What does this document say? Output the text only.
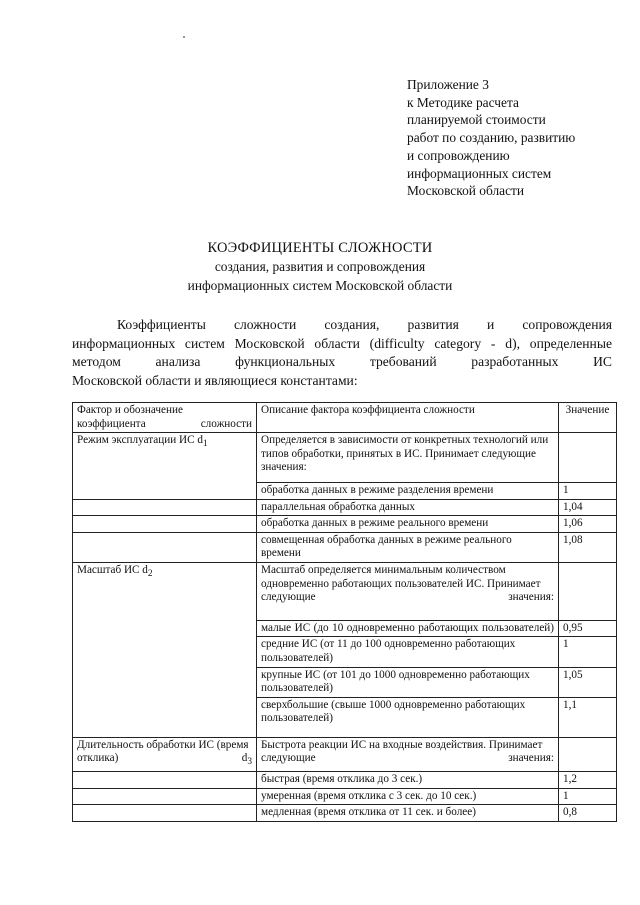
Приложение 3
к Методике расчета
планируемой стоимости
работ по созданию, развитию
и сопровождению
информационных систем
Московской области
КОЭФФИЦИЕНТЫ СЛОЖНОСТИ
создания, развития и сопровождения
информационных систем Московской области
Коэффициенты сложности создания, развития и сопровождения
информационных систем Московской области (difficulty category - d), определенные
методом анализа функциональных требований разработанных ИС
Московской области и являющиеся константами:
Фактор и обозначение коэффициента сложности	Описание фактора коэффициента сложности	Значение
Режим эксплуатации ИС $d_1$	Определяется в зависимости от конкретных технологий или типов обработки, принятых в ИС. Принимает следующие значения:

	обработка данных в режиме разделения времени	1
	параллельная обработка данных	1,04
	обработка данных в режиме реального времени	1,06
	совмещенная обработка данных в режиме реального времени	1,08
Масштаб ИС $d_2$	Масштаб определяется минимальным количеством одновременно работающих пользователей ИС. Принимает следующие значения:

	малые ИС (до 10 одновременно работающих пользователей)	0,95
	средние ИС (от 11 до 100 одновременно работающих пользователей)	1
	крупные ИС (от 101 до 1000 одновременно работающих пользователей)	1,05
	сверхбольшие (свыше 1000 одновременно работающих пользователей)	1,1
Длительность обработки ИС (время отклика) $d_3$	Быстрота реакции ИС на входные воздействия. Принимает следующие значения:	
	быстрая (время отклика до 3 сек.)	1,2
	умеренная (время отклика с 3 сек. до 10 сек.)	1
	медленная (время отклика от 11 сек. и более)	0,8
